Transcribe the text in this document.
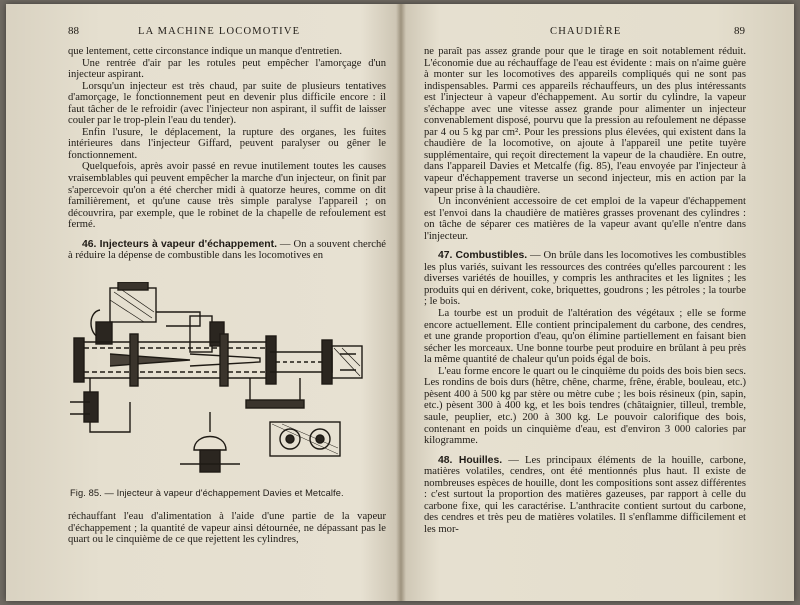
88	LA MACHINE LOCOMOTIVE

que lentement, cette circonstance indique un manque d'entretien.

Une rentrée d'air par les rotules peut empêcher l'amorçage d'un injecteur aspirant.

Lorsqu'un injecteur est très chaud, par suite de plusieurs tentatives d'amorçage, le fonctionnement peut en devenir plus difficile encore : il faut tâcher de le refroidir (avec l'injecteur non aspirant, il suffit de laisser couler par le trop-plein l'eau du tender).

Enfin l'usure, le déplacement, la rupture des organes, les fuites intérieures dans l'injecteur Giffard, peuvent paralyser ou gêner le fonctionnement.

Quelquefois, après avoir passé en revue inutilement toutes les causes vraisemblables qui peuvent empêcher la marche d'un injecteur, on finit par s'apercevoir qu'on a été chercher midi à quatorze heures, comme on dit familièrement, et qu'une cause très simple paralyse l'appareil ; on découvrira, par exemple, que le robinet de la chapelle de refoulement est fermé.

46. Injecteurs à vapeur d'échappement. — On a souvent cherché à réduire la dépense de combustible dans les locomotives en

Fig. 85. — Injecteur à vapeur d'échappement Davies et Metcalfe.

réchauffant l'eau d'alimentation à l'aide d'une partie de la vapeur d'échappement ; la quantité de vapeur ainsi détournée, ne dépassant pas le quart ou le cinquième de ce que rejettent les cylindres,

CHAUDIÈRE	89

ne paraît pas assez grande pour que le tirage en soit notablement réduit. L'économie due au réchauffage de l'eau est évidente : mais on n'aime guère à monter sur les locomotives des appareils compliqués qui ne sont pas indispensables. Parmi ces appareils réchauffeurs, un des plus intéressants est l'injecteur à vapeur d'échappement. Au sortir du cylindre, la vapeur s'échappe avec une vitesse assez grande pour alimenter un injecteur convenablement disposé, pourvu que la pression au refoulement ne dépasse par 4 ou 5 kg par cm². Pour les pressions plus élevées, qui existent dans la chaudière de la locomotive, on ajoute à l'appareil une petite tuyère supplémentaire, qui reçoit directement la vapeur de la chaudière. En outre, dans l'appareil Davies et Metcalfe (fig. 85), l'eau envoyée par l'injecteur à vapeur d'échappement traverse un second injecteur, mis en action par la vapeur prise à la chaudière.

Un inconvénient accessoire de cet emploi de la vapeur d'échappement est l'envoi dans la chaudière de matières grasses provenant des cylindres : on tâche de séparer ces matières de la vapeur avant qu'elle n'entre dans l'injecteur.

47. Combustibles. — On brûle dans les locomotives les combustibles les plus variés, suivant les ressources des contrées qu'elles parcourent : les diverses variétés de houilles, y compris les anthracites et les lignites ; les produits qui en dérivent, coke, briquettes, goudrons ; les pétroles ; la tourbe ; le bois.

La tourbe est un produit de l'altération des végétaux ; elle se forme encore actuellement. Elle contient principalement du carbone, des cendres, et une grande proportion d'eau, qu'on élimine partiellement en faisant bien sécher les morceaux. Une bonne tourbe peut produire en brûlant à peu près la même quantité de chaleur qu'un poids égal de bois.

L'eau forme encore le quart ou le cinquième du poids des bois bien secs. Les rondins de bois durs (hêtre, chêne, charme, frêne, érable, bouleau, etc.) pèsent 400 à 500 kg par stère ou mètre cube ; les bois résineux (pin, sapin, etc.) pèsent 300 à 400 kg, et les bois tendres (châtaignier, tilleul, tremble, saule, peuplier, etc.) 200 à 300 kg. Le pouvoir calorifique des bois, contenant en poids un cinquième d'eau, est d'environ 3 000 calories par kilogramme.

48. Houilles. — Les principaux éléments de la houille, carbone, matières volatiles, cendres, ont été mentionnés plus haut. Il existe de nombreuses espèces de houille, dont les compositions sont assez différentes : c'est surtout la proportion des matières gazeuses, par rapport à celle du carbone fixe, qui les caractérise. L'anthracite contient surtout du carbone, des cendres et très peu de matières volatiles. Il s'enflamme difficilement et les mor-
